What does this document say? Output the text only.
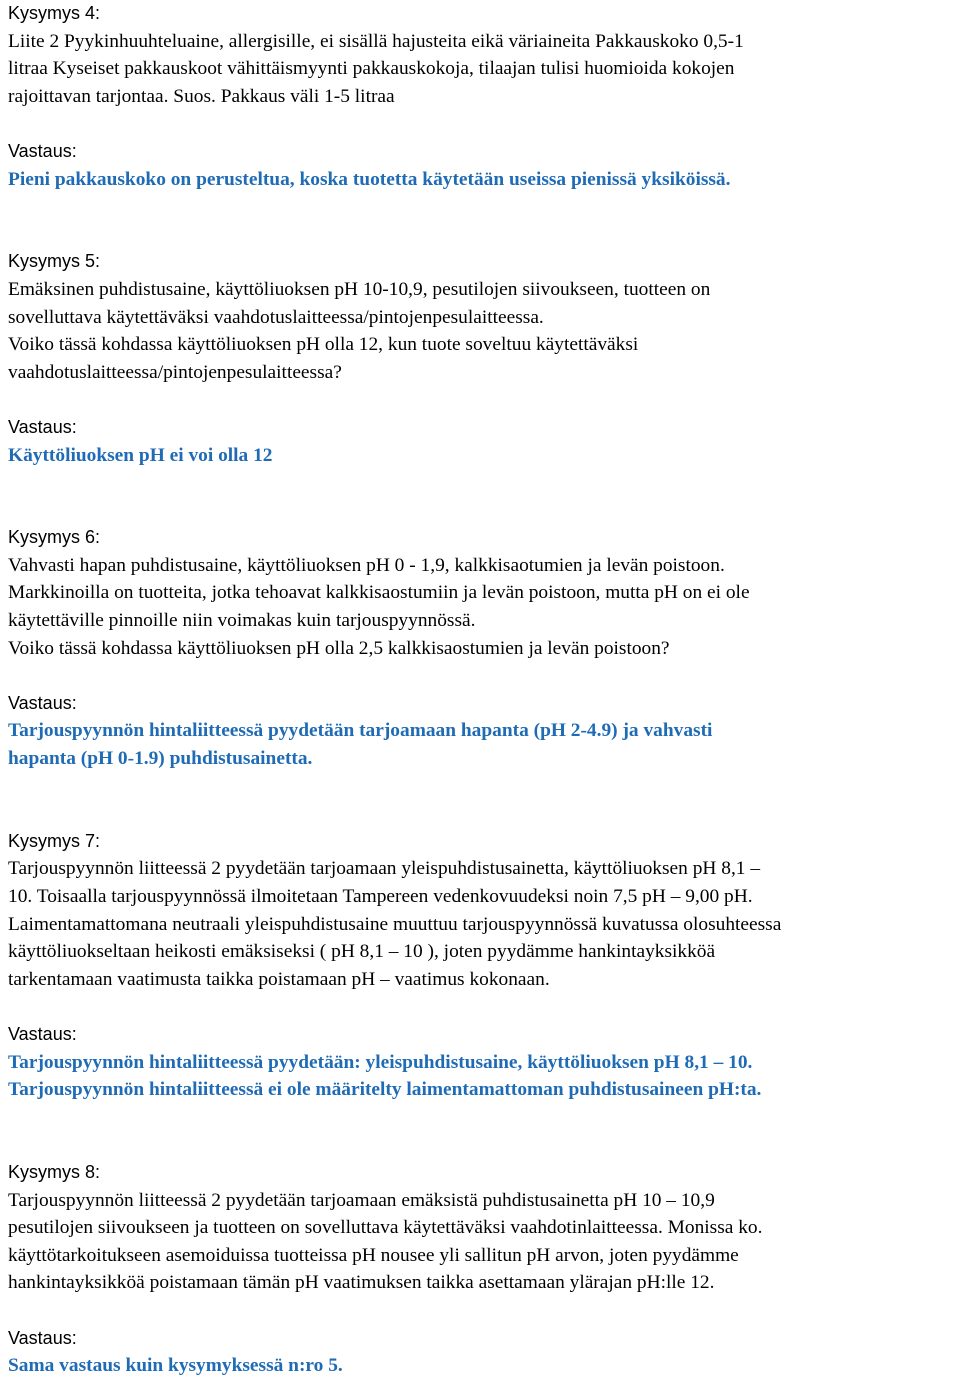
Kysymys 4:

Liite 2 Pyykinhuuhteluaine, allergisille, ei sisällä hajusteita eikä väriaineita Pakkauskoko 0,5-1

litraa Kyseiset pakkauskoot vähittäismyynti pakkauskokoja, tilaajan tulisi huomioida kokojen

rajoittavan tarjontaa. Suos. Pakkaus väli 1-5 litraa

Vastaus:

Pieni pakkauskoko on perusteltua, koska tuotetta käytetään useissa pienissä yksiköissä.

Kysymys 5:

Emäksinen puhdistusaine, käyttöliuoksen pH 10-10,9, pesutilojen siivoukseen, tuotteen on

sovelluttava käytettäväksi vaahdotuslaitteessa/pintojenpesulaitteessa.

Voiko tässä kohdassa käyttöliuoksen pH olla 12, kun tuote soveltuu käytettäväksi

vaahdotuslaitteessa/pintojenpesulaitteessa?

Vastaus:

Käyttöliuoksen pH ei voi olla 12

Kysymys 6:

Vahvasti hapan puhdistusaine, käyttöliuoksen pH 0 - 1,9, kalkkisaotumien ja levän poistoon.

Markkinoilla on tuotteita, jotka tehoavat kalkkisaostumiin ja levän poistoon, mutta pH on ei ole

käytettäville pinnoille niin voimakas kuin tarjouspyynnössä.

Voiko tässä kohdassa käyttöliuoksen pH olla 2,5 kalkkisaostumien ja levän poistoon?

Vastaus:

Tarjouspyynnön hintaliitteessä pyydetään tarjoamaan hapanta (pH 2-4.9) ja vahvasti

hapanta (pH 0-1.9) puhdistusainetta.

Kysymys 7:

Tarjouspyynnön liitteessä 2 pyydetään tarjoamaan yleispuhdistusainetta, käyttöliuoksen pH 8,1 –

10. Toisaalla tarjouspyynnössä ilmoitetaan Tampereen vedenkovuudeksi noin 7,5 pH – 9,00 pH.

Laimentamattomana neutraali yleispuhdistusaine muuttuu tarjouspyynnössä kuvatussa olosuhteessa

käyttöliuokseltaan heikosti emäksiseksi ( pH 8,1 – 10 ), joten pyydämme hankintayksikköä

tarkentamaan vaatimusta taikka poistamaan pH – vaatimus kokonaan.

Vastaus:

Tarjouspyynnön hintaliitteessä pyydetään: yleispuhdistusaine, käyttöliuoksen pH 8,1 – 10.

Tarjouspyynnön hintaliitteessä ei ole määritelty laimentamattoman puhdistusaineen pH:ta.

Kysymys 8:

Tarjouspyynnön liitteessä 2 pyydetään tarjoamaan emäksistä puhdistusainetta pH 10 – 10,9

pesutilojen siivoukseen ja tuotteen on sovelluttava käytettäväksi vaahdotinlaitteessa. Monissa ko.

käyttötarkoitukseen asemoiduissa tuotteissa pH nousee yli sallitun pH arvon, joten pyydämme

hankintayksikköä poistamaan tämän pH vaatimuksen taikka asettamaan ylärajan pH:lle 12.

Vastaus:

Sama vastaus kuin kysymyksessä n:ro 5.
